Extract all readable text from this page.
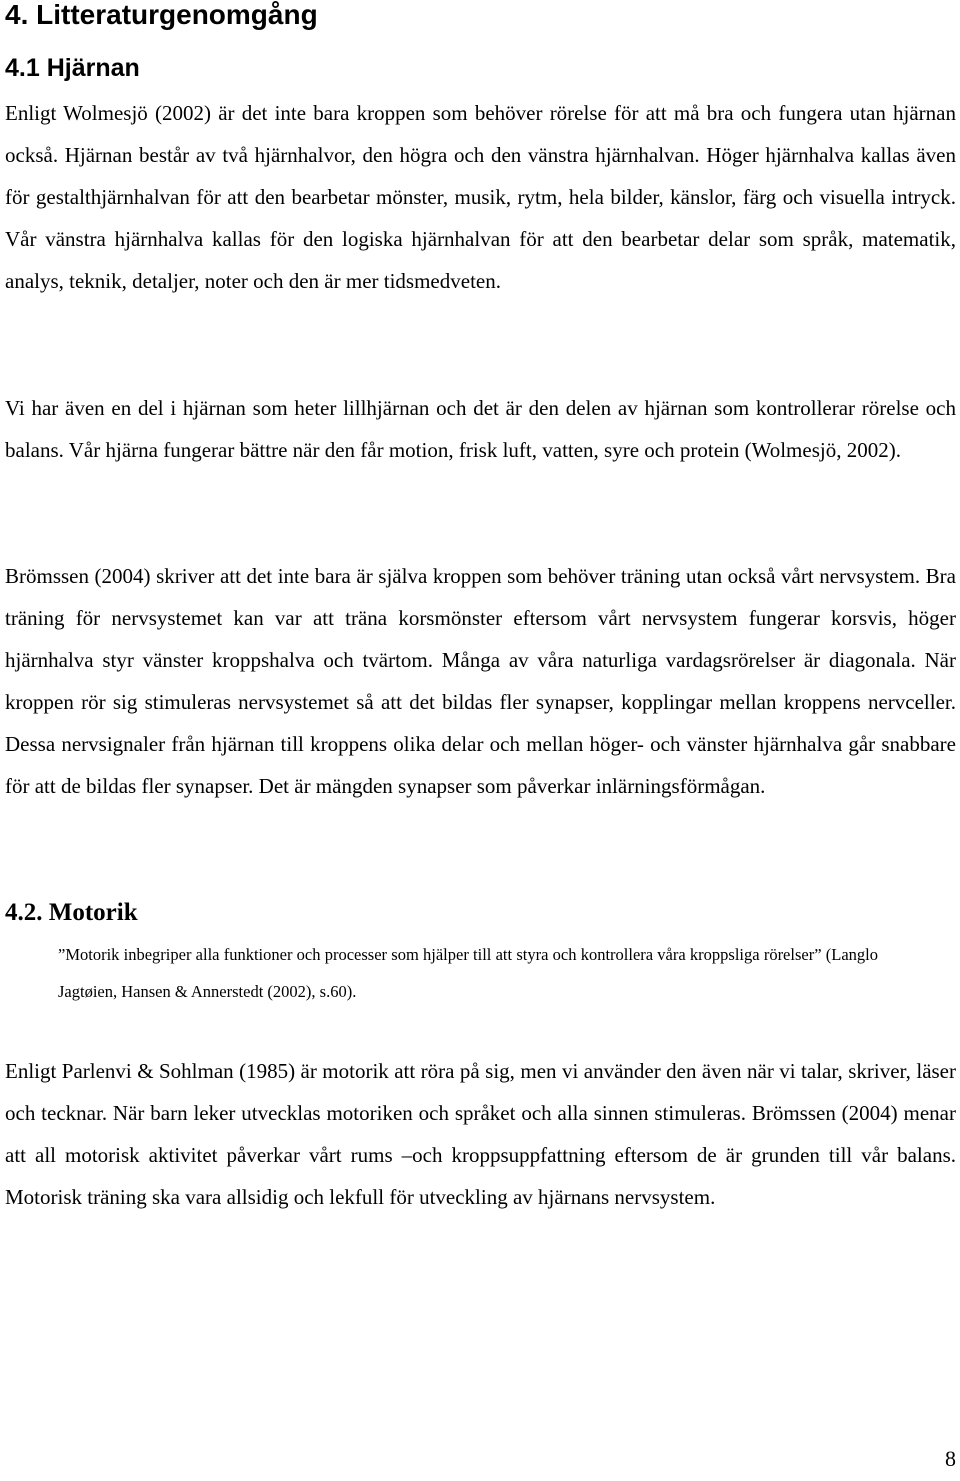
4. Litteraturgenomgång
4.1 Hjärnan

Enligt Wolmesjö (2002) är det inte bara kroppen som behöver rörelse för att må bra och fungera utan hjärnan också. Hjärnan består av två hjärnhalvor, den högra och den vänstra hjärnhalvan. Höger hjärnhalva kallas även för gestalthjärnhalvan för att den bearbetar mönster, musik, rytm, hela bilder, känslor, färg och visuella intryck. Vår vänstra hjärnhalva kallas för den logiska hjärnhalvan för att den bearbetar delar som språk, matematik, analys, teknik, detaljer, noter och den är mer tidsmedveten.

Vi har även en del i hjärnan som heter lillhjärnan och det är den delen av hjärnan som kontrollerar rörelse och balans. Vår hjärna fungerar bättre när den får motion, frisk luft, vatten, syre och protein (Wolmesjö, 2002).

Brömssen (2004) skriver att det inte bara är själva kroppen som behöver träning utan också vårt nervsystem. Bra träning för nervsystemet kan var att träna korsmönster eftersom vårt nervsystem fungerar korsvis, höger hjärnhalva styr vänster kroppshalva och tvärtom. Många av våra naturliga vardagsrörelser är diagonala. När kroppen rör sig stimuleras nervsystemet så att det bildas fler synapser, kopplingar mellan kroppens nervceller. Dessa nervsignaler från hjärnan till kroppens olika delar och mellan höger- och vänster hjärnhalva går snabbare för att de bildas fler synapser. Det är mängden synapser som påverkar inlärningsförmågan.

4.2. Motorik

”Motorik inbegriper alla funktioner och processer som hjälper till att styra och kontrollera våra kroppsliga rörelser” (Langlo Jagtøien, Hansen & Annerstedt (2002), s.60).

Enligt Parlenvi & Sohlman (1985) är motorik att röra på sig, men vi använder den även när vi talar, skriver, läser och tecknar. När barn leker utvecklas motoriken och språket och alla sinnen stimuleras. Brömssen (2004) menar att all motorisk aktivitet påverkar vårt rums –och kroppsuppfattning eftersom de är grunden till vår balans. Motorisk träning ska vara allsidig och lekfull för utveckling av hjärnans nervsystem.

8
